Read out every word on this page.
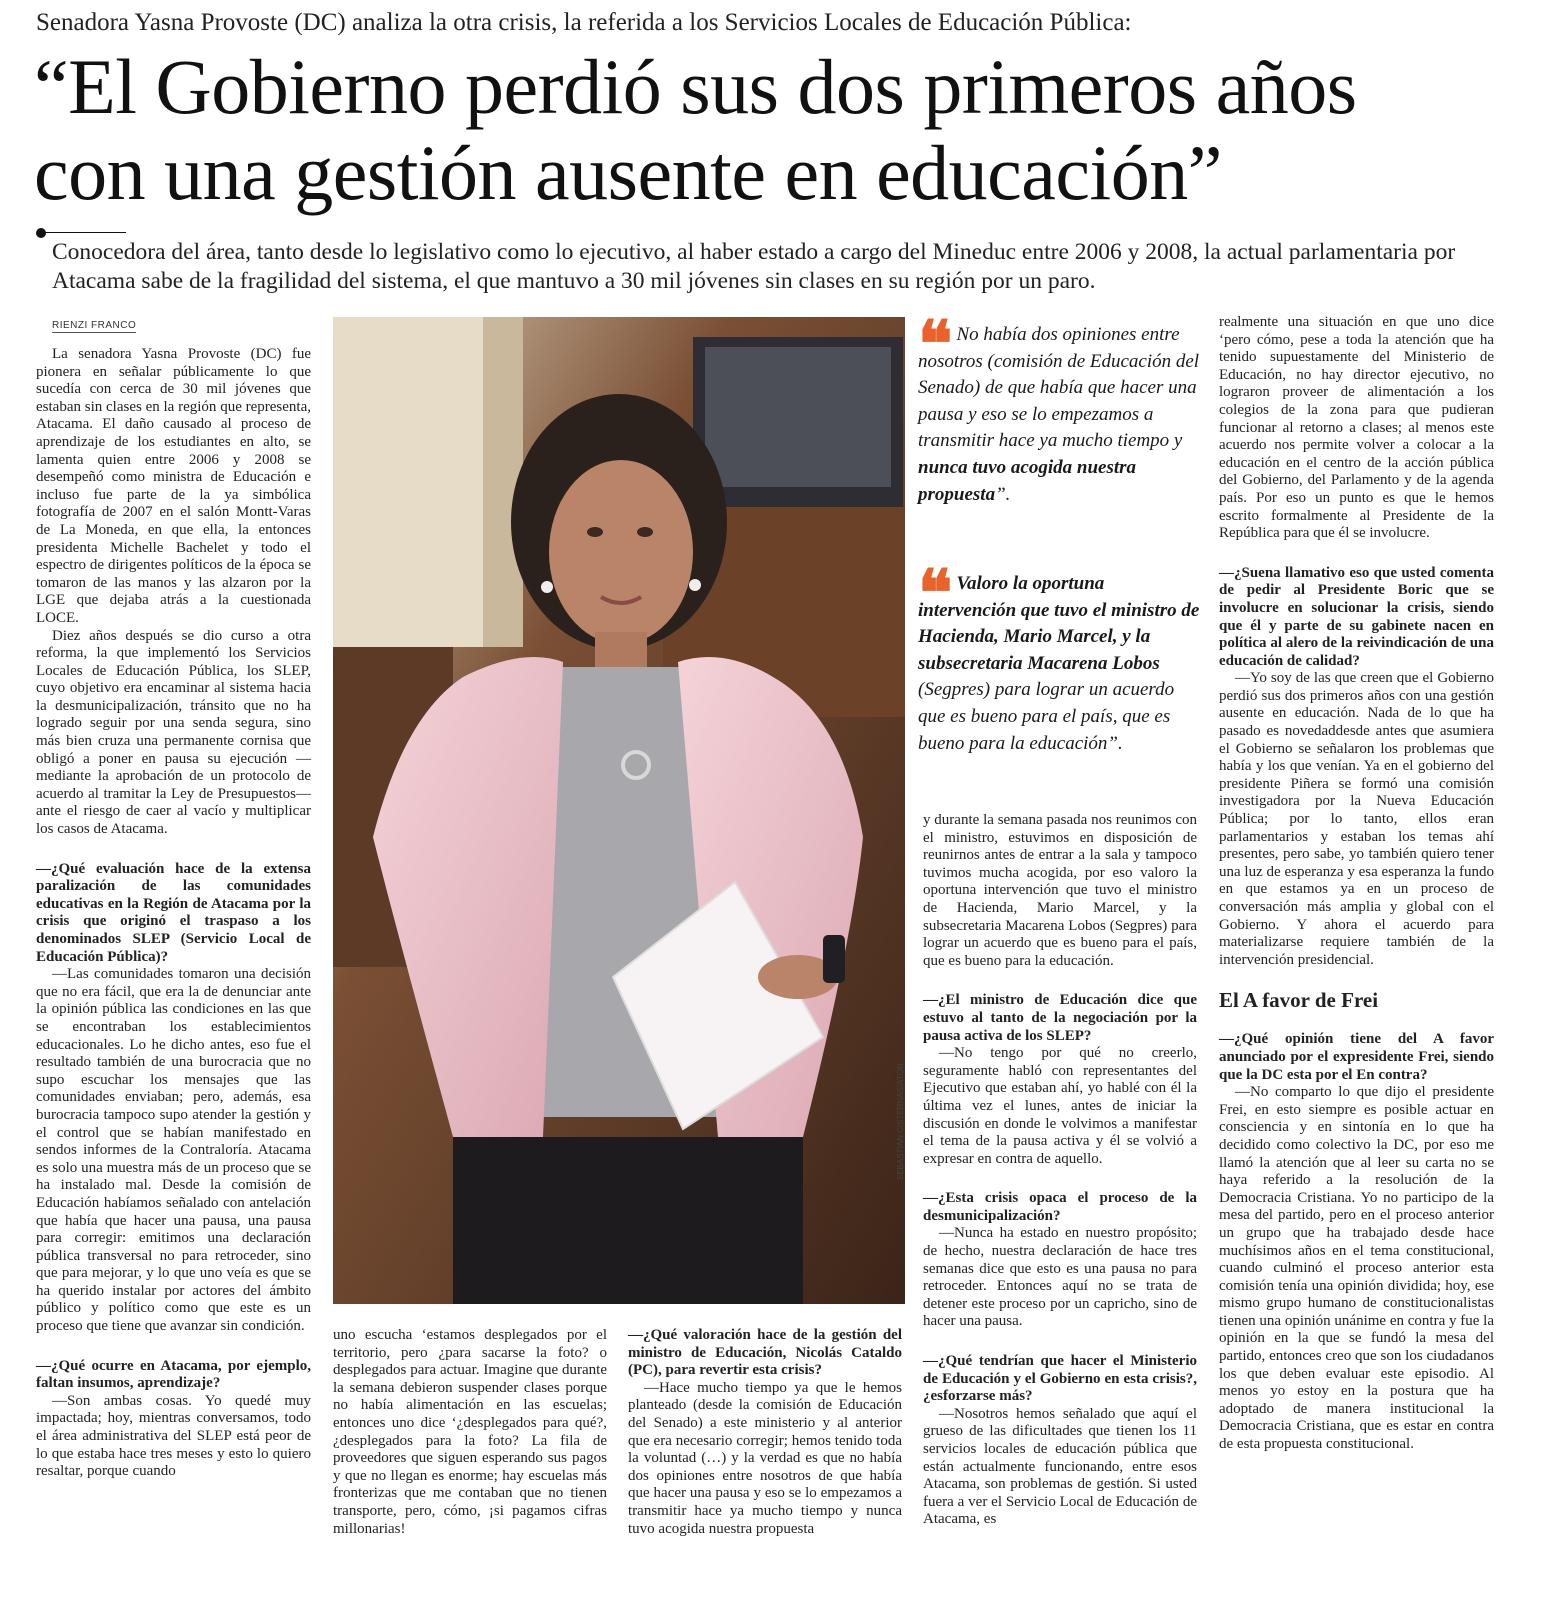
Senadora Yasna Provoste (DC) analiza la otra crisis, la referida a los Servicios Locales de Educación Pública:
“El Gobierno perdió sus dos primeros años
con una gestión ausente en educación”

Conocedora del área, tanto desde lo legislativo como lo ejecutivo, al haber estado a cargo del Mineduc entre 2006 y 2008, la actual parlamentaria por Atacama sabe de la fragilidad del sistema, el que mantuvo a 30 mil jóvenes sin clases en su región por un paro.

RIENZI FRANCO

La senadora Yasna Provoste (DC) fue pionera en señalar públicamente lo que sucedía con cerca de 30 mil jóvenes que estaban sin clases en la región que representa, Atacama. El daño causado al proceso de aprendizaje de los estudiantes en alto, se lamenta quien entre 2006 y 2008 se desempeñó como ministra de Educación e incluso fue parte de la ya simbólica fotografía de 2007 en el salón Montt-Varas de La Moneda, en que ella, la entonces presidenta Michelle Bachelet y todo el espectro de dirigentes políticos de la época se tomaron de las manos y las alzaron por la LGE que dejaba atrás a la cuestionada LOCE.

Diez años después se dio curso a otra reforma, la que implementó los Servicios Locales de Educación Pública, los SLEP, cuyo objetivo era encaminar al sistema hacia la desmunicipalización, tránsito que no ha logrado seguir por una senda segura, sino más bien cruza una permanente cornisa que obligó a poner en pausa su ejecución —mediante la aprobación de un protocolo de acuerdo al tramitar la Ley de Presupuestos— ante el riesgo de caer al vacío y multiplicar los casos de Atacama.

—¿Qué evaluación hace de la extensa paralización de las comunidades educativas en la Región de Atacama por la crisis que originó el traspaso a los denominados SLEP (Servicio Local de Educación Pública)?

—Las comunidades tomaron una decisión que no era fácil, que era la de denunciar ante la opinión pública las condiciones en las que se encontraban los establecimientos educacionales. Lo he dicho antes, eso fue el resultado también de una burocracia que no supo escuchar los mensajes que las comunidades enviaban; pero, además, esa burocracia tampoco supo atender la gestión y el control que se habían manifestado en sendos informes de la Contraloría. Atacama es solo una muestra más de un proceso que se ha instalado mal. Desde la comisión de Educación habíamos señalado con antelación que había que hacer una pausa, una pausa para corregir: emitimos una declaración pública transversal no para retroceder, sino que para mejorar, y lo que uno veía es que se ha querido instalar por actores del ámbito público y político como que este es un proceso que tiene que avanzar sin condición.

—¿Qué ocurre en Atacama, por ejemplo, faltan insumos, aprendizaje?

—Son ambas cosas. Yo quedé muy impactada; hoy, mientras conversamos, todo el área administrativa del SLEP está peor de lo que estaba hace tres meses y esto lo quiero resaltar, porque cuando

SEBASTIÁN CISTERNAS/ATON
❝ No había dos opiniones entre nosotros (comisión de Educación del Senado) de que había que hacer una pausa y eso se lo empezamos a transmitir hace ya mucho tiempo y nunca tuvo acogida nuestra propuesta”.
❝ Valoro la oportuna intervención que tuvo el ministro de Hacienda, Mario Marcel, y la subsecretaria Macarena Lobos (Segpres) para lograr un acuerdo que es bueno para el país, que es bueno para la educación”.

uno escucha ‘estamos desplegados por el territorio, pero ¿para sacarse la foto? o desplegados para actuar. Imagine que durante la semana debieron suspender clases porque no había alimentación en las escuelas; entonces uno dice ‘¿desplegados para qué?, ¿desplegados para la foto? La fila de proveedores que siguen esperando sus pagos y que no llegan es enorme; hay escuelas más fronterizas que me contaban que no tienen transporte, pero, cómo, ¡si pagamos cifras millonarias!

—¿Qué valoración hace de la gestión del ministro de Educación, Nicolás Cataldo (PC), para revertir esta crisis?

—Hace mucho tiempo ya que le hemos planteado (desde la comisión de Educación del Senado) a este ministerio y al anterior que era necesario corregir; hemos tenido toda la voluntad (…) y la verdad es que no había dos opiniones entre nosotros de que había que hacer una pausa y eso se lo empezamos a transmitir hace ya mucho tiempo y nunca tuvo acogida nuestra propuesta

y durante la semana pasada nos reunimos con el ministro, estuvimos en disposición de reunirnos antes de entrar a la sala y tampoco tuvimos mucha acogida, por eso valoro la oportuna intervención que tuvo el ministro de Hacienda, Mario Marcel, y la subsecretaria Macarena Lobos (Segpres) para lograr un acuerdo que es bueno para el país, que es bueno para la educación.

—¿El ministro de Educación dice que estuvo al tanto de la negociación por la pausa activa de los SLEP?

—No tengo por qué no creerlo, seguramente habló con representantes del Ejecutivo que estaban ahí, yo hablé con él la última vez el lunes, antes de iniciar la discusión en donde le volvimos a manifestar el tema de la pausa activa y él se volvió a expresar en contra de aquello.

—¿Esta crisis opaca el proceso de la desmunicipalización?

—Nunca ha estado en nuestro propósito; de hecho, nuestra declaración de hace tres semanas dice que esto es una pausa no para retroceder. Entonces aquí no se trata de detener este proceso por un capricho, sino de hacer una pausa.

—¿Qué tendrían que hacer el Ministerio de Educación y el Gobierno en esta crisis?, ¿esforzarse más?

—Nosotros hemos señalado que aquí el grueso de las dificultades que tienen los 11 servicios locales de educación pública que están actualmente funcionando, entre esos Atacama, son problemas de gestión. Si usted fuera a ver el Servicio Local de Educación de Atacama, es

realmente una situación en que uno dice ‘pero cómo, pese a toda la atención que ha tenido supuestamente del Ministerio de Educación, no hay director ejecutivo, no lograron proveer de alimentación a los colegios de la zona para que pudieran funcionar al retorno a clases; al menos este acuerdo nos permite volver a colocar a la educación en el centro de la acción pública del Gobierno, del Parlamento y de la agenda país. Por eso un punto es que le hemos escrito formalmente al Presidente de la República para que él se involucre.

—¿Suena llamativo eso que usted comenta de pedir al Presidente Boric que se involucre en solucionar la crisis, siendo que él y parte de su gabinete nacen en política al alero de la reivindicación de una educación de calidad?

—Yo soy de las que creen que el Gobierno perdió sus dos primeros años con una gestión ausente en educación. Nada de lo que ha pasado es novedaddesde antes que asumiera el Gobierno se señalaron los problemas que había y los que venían. Ya en el gobierno del presidente Piñera se formó una comisión investigadora por la Nueva Educación Pública; por lo tanto, ellos eran parlamentarios y estaban los temas ahí presentes, pero sabe, yo también quiero tener una luz de esperanza y esa esperanza la fundo en que estamos ya en un proceso de conversación más amplia y global con el Gobierno. Y ahora el acuerdo para materializarse requiere también de la intervención presidencial.

El A favor de Frei

—¿Qué opinión tiene del A favor anunciado por el expresidente Frei, siendo que la DC esta por el En contra?

—No comparto lo que dijo el presidente Frei, en esto siempre es posible actuar en consciencia y en sintonía en lo que ha decidido como colectivo la DC, por eso me llamó la atención que al leer su carta no se haya referido a la resolución de la Democracia Cristiana. Yo no participo de la mesa del partido, pero en el proceso anterior un grupo que ha trabajado desde hace muchísimos años en el tema constitucional, cuando culminó el proceso anterior esta comisión tenía una opinión dividida; hoy, ese mismo grupo humano de constitucionalistas tienen una opinión unánime en contra y fue la opinión en la que se fundó la mesa del partido, entonces creo que son los ciudadanos los que deben evaluar este episodio. Al menos yo estoy en la postura que ha adoptado de manera institucional la Democracia Cristiana, que es estar en contra de esta propuesta constitucional.
